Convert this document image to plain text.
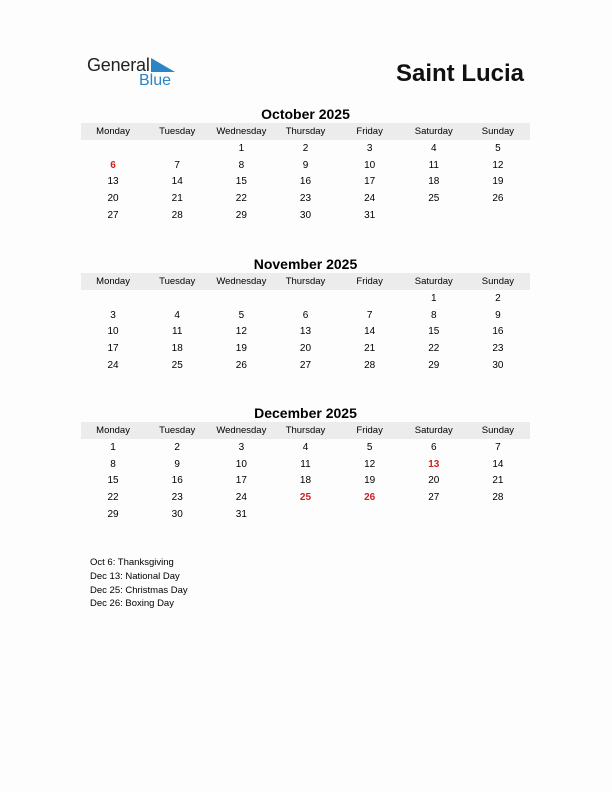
General
Blue	Saint Lucia
October 2025
Monday	Tuesday	Wednesday	Thursday	Friday	Saturday	Sunday
		1	2	3	4	5
6	7	8	9	10	11	12
13	14	15	16	17	18	19
20	21	22	23	24	25	26
27	28	29	30	31		
November 2025
Monday	Tuesday	Wednesday	Thursday	Friday	Saturday	Sunday
					1	2
3	4	5	6	7	8	9
10	11	12	13	14	15	16
17	18	19	20	21	22	23
24	25	26	27	28	29	30
December 2025
Monday	Tuesday	Wednesday	Thursday	Friday	Saturday	Sunday
1	2	3	4	5	6	7
8	9	10	11	12	13	14
15	16	17	18	19	20	21
22	23	24	25	26	27	28
29	30	31				
Oct 6: Thanksgiving
Dec 13: National Day
Dec 25: Christmas Day
Dec 26: Boxing Day
